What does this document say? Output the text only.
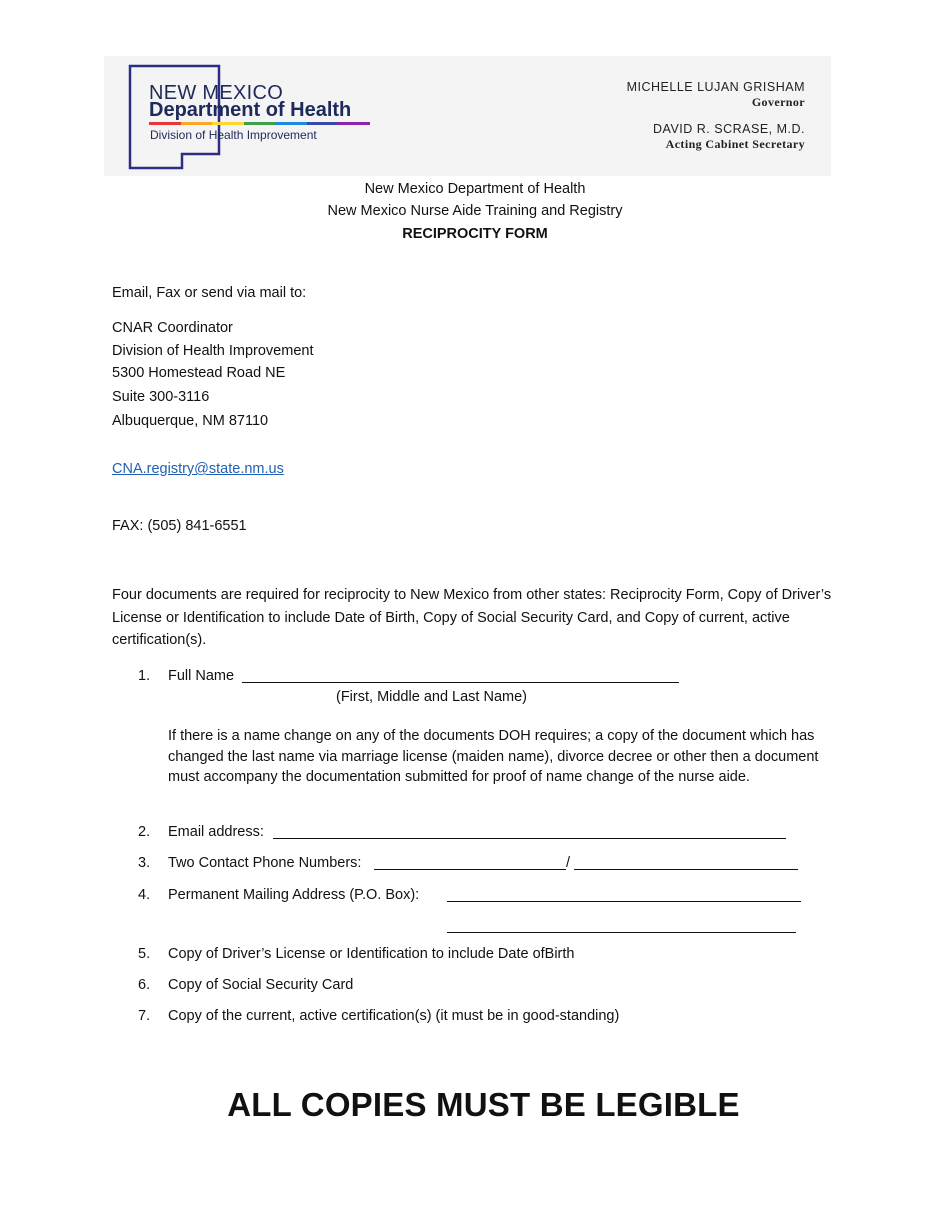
NEW MEXICO
Department of Health
Division of Health Improvement
MICHELLE LUJAN GRISHAM
Governor
DAVID R. SCRASE, M.D.
Acting Cabinet Secretary
New Mexico Department of Health
New Mexico Nurse Aide Training and Registry
RECIPROCITY FORM
Email, Fax or send via mail to:
CNAR Coordinator
Division of Health Improvement
5300 Homestead Road NE
Suite 300-3116
Albuquerque, NM 87110
CNA.registry@state.nm.us
FAX: (505) 841-6551
Four documents are required for reciprocity to New Mexico from other states: Reciprocity Form, Copy of Driver’s License or Identification to include Date of Birth, Copy of Social Security Card, and Copy of current, active certification(s).
1.	Full Name
(First, Middle and Last Name)
If there is a name change on any of the documents DOH requires; a copy of the document which has changed the last name via marriage license (maiden name), divorce decree or other then a document must accompany the documentation submitted for proof of name change of the nurse aide.
2.	Email address:
3.	Two Contact Phone Numbers:	/
4.	Permanent Mailing Address (P.O. Box):
5.	Copy of Driver’s License or Identification to include Date ofBirth
6.	Copy of Social Security Card
7.	Copy of the current, active certification(s) (it must be in good-standing)
ALL COPIES MUST BE LEGIBLE
